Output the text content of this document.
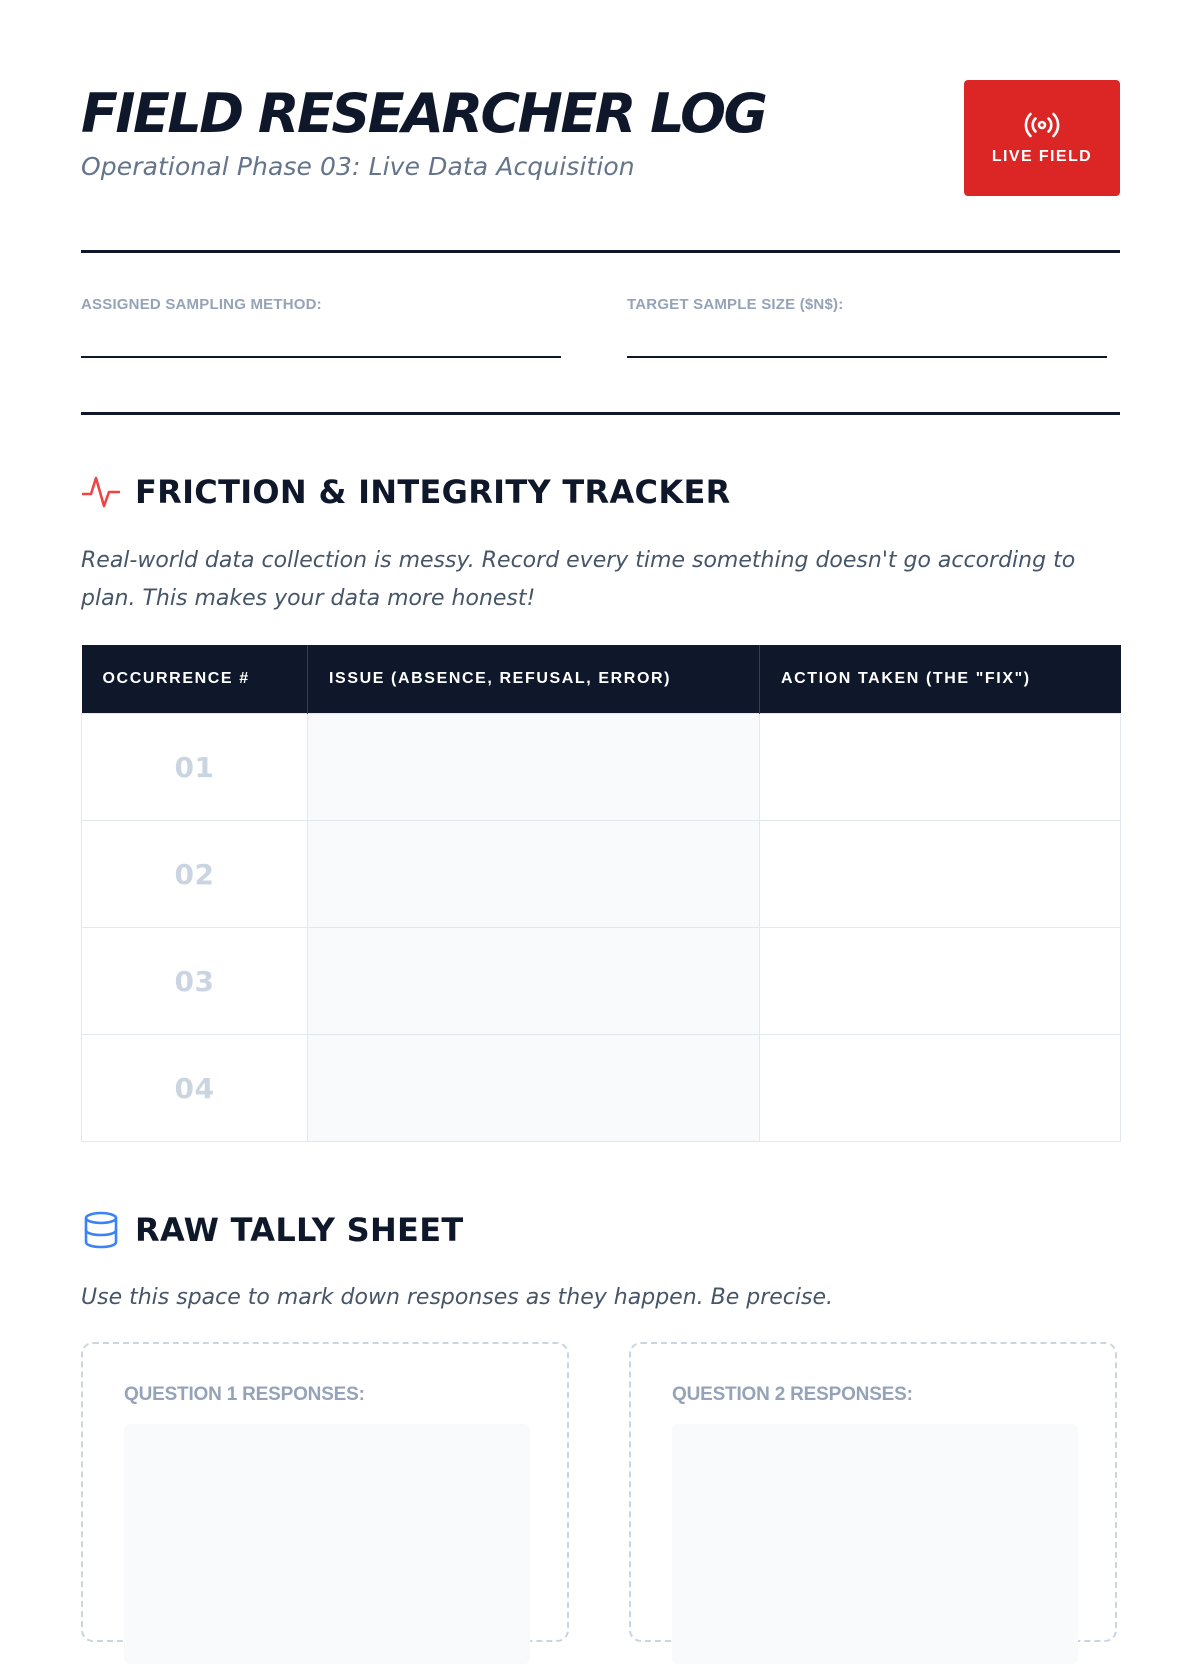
FIELD RESEARCHER LOG
Operational Phase 03: Live Data Acquisition	LIVE FIELD
ASSIGNED SAMPLING METHOD:	TARGET SAMPLE SIZE ($N$):
FRICTION & INTEGRITY TRACKER
Real-world data collection is messy. Record every time something doesn't go according to plan. This makes your data more honest!
OCCURRENCE #	ISSUE (ABSENCE, REFUSAL, ERROR)	ACTION TAKEN (THE "FIX")
01		
02		
03		
04		
RAW TALLY SHEET
Use this space to mark down responses as they happen. Be precise.
QUESTION 1 RESPONSES:	QUESTION 2 RESPONSES:
